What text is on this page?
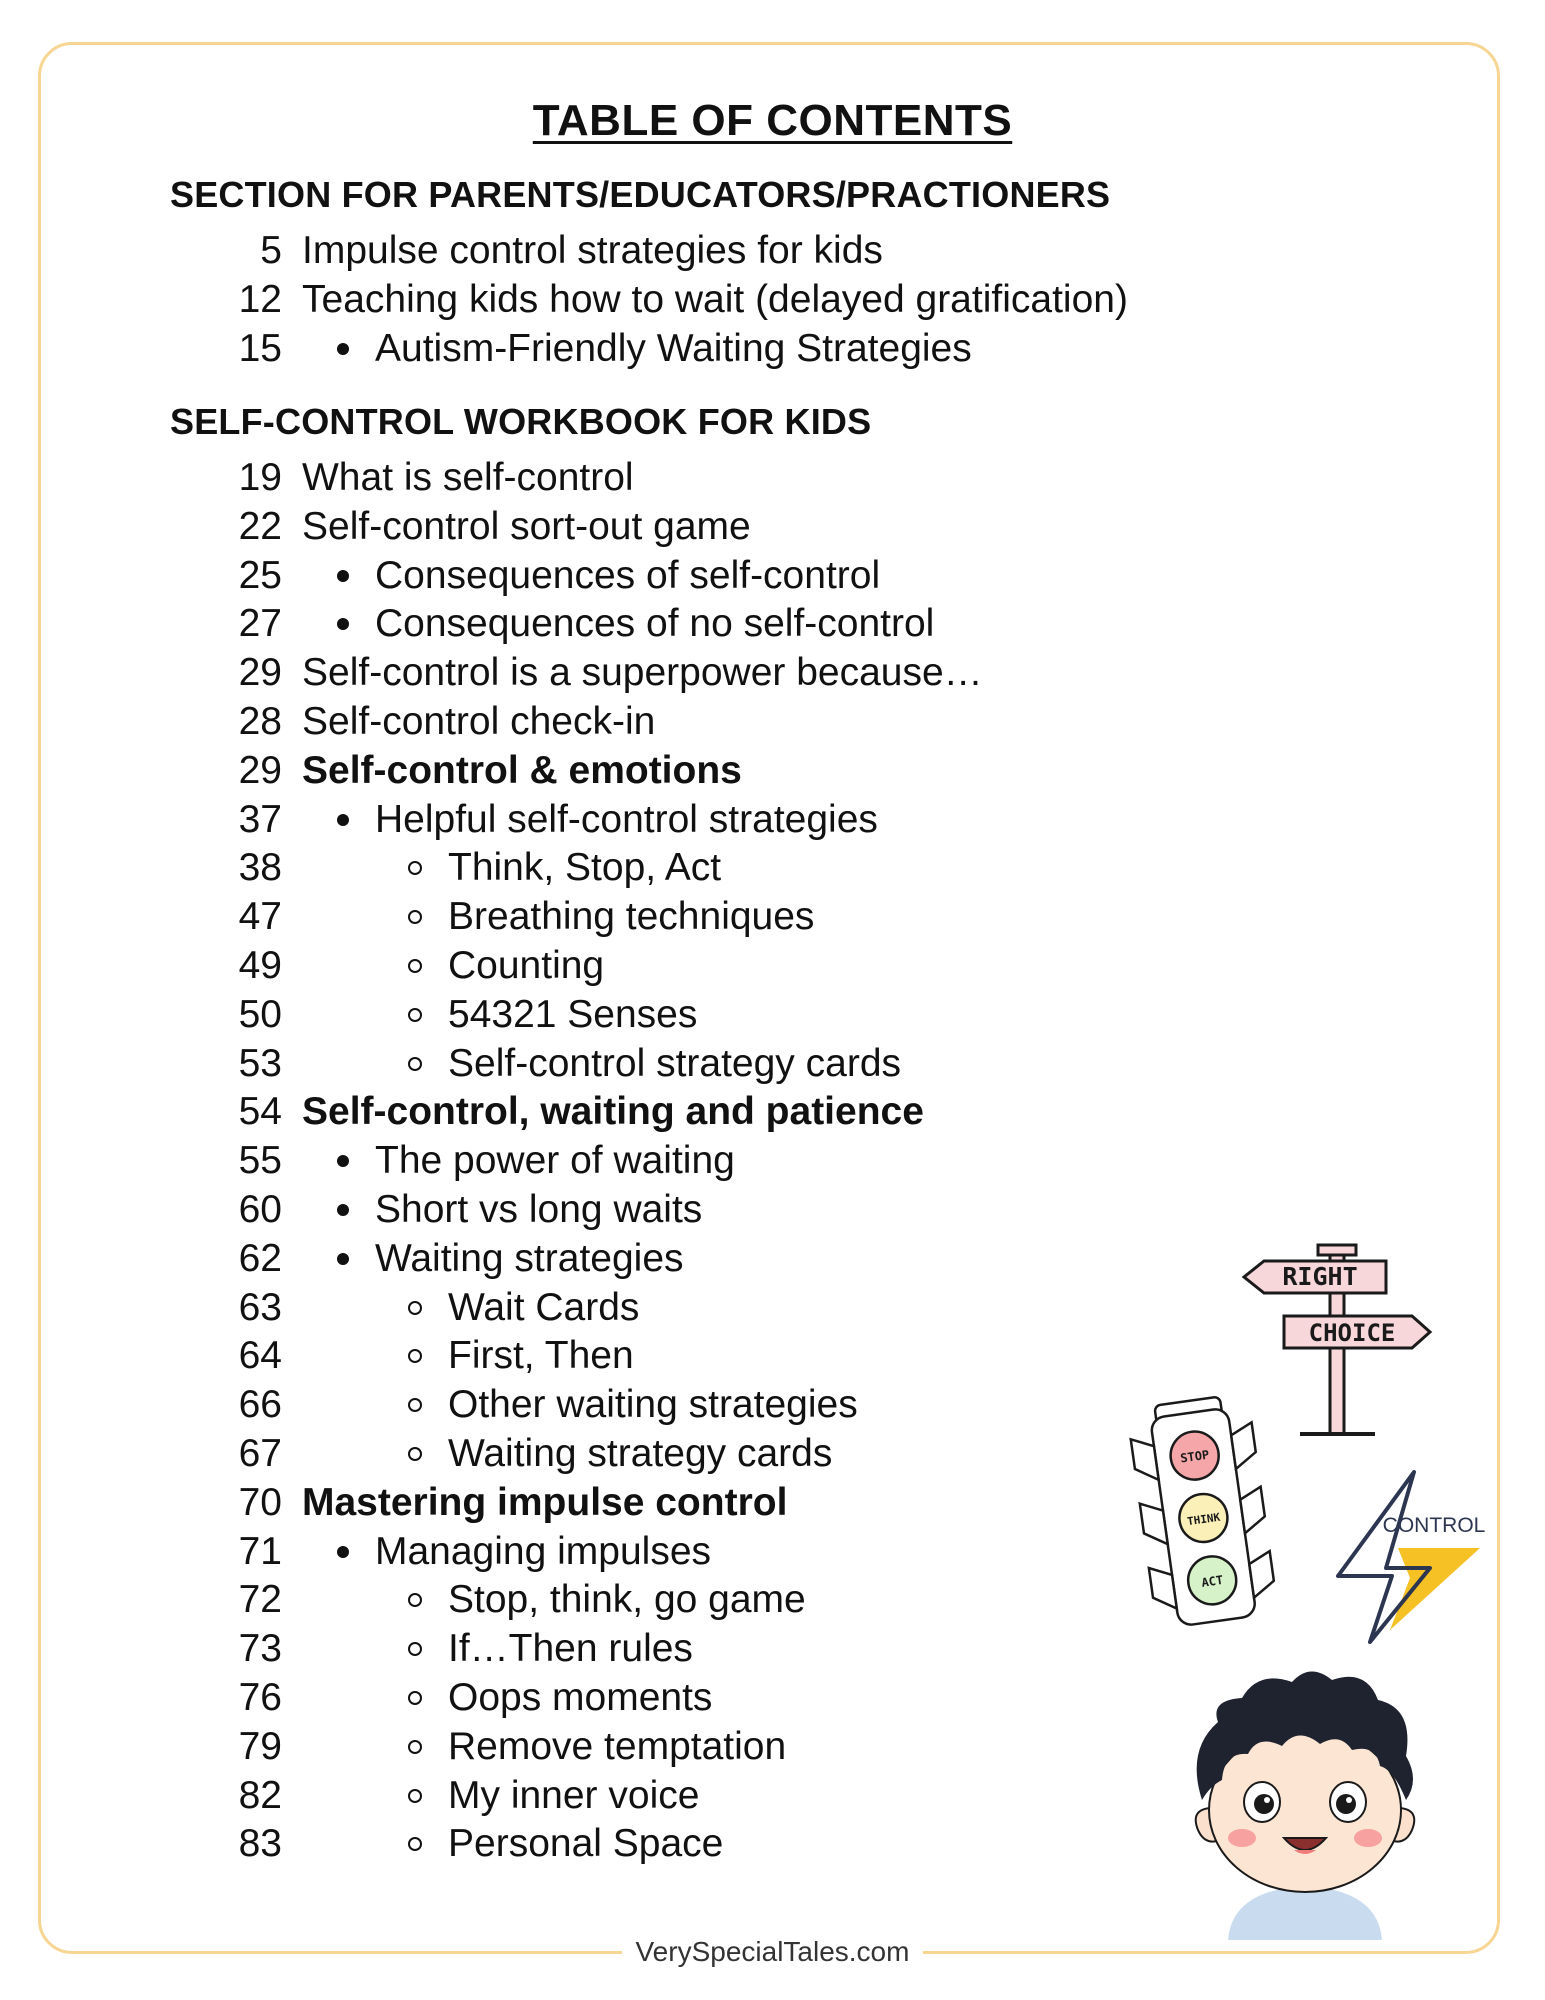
TABLE OF CONTENTS
SECTION FOR PARENTS/EDUCATORS/PRACTIONERS
5 Impulse control strategies for kids
12 Teaching kids how to wait (delayed gratification)
15 Autism-Friendly Waiting Strategies
SELF-CONTROL WORKBOOK FOR KIDS
19 What is self-control
22 Self-control sort-out game
25 Consequences of self-control
27 Consequences of no self-control
29 Self-control is a superpower because…
28 Self-control check-in
29 Self-control & emotions
37 Helpful self-control strategies
38	Think, Stop, Act
47	Breathing techniques
49	Counting
50	54321 Senses
53	Self-control strategy cards
54 Self-control, waiting and patience
55 The power of waiting
60 Short vs long waits
62 Waiting strategies
63	Wait Cards
64	First, Then
66	Other waiting strategies
67	Waiting strategy cards
70 Mastering impulse control
71 Managing impulses
72	Stop, think, go game
73	If…Then rules
76	Oops moments
79	Remove temptation
82	My inner voice
83	Personal Space
RIGHT
CHOICE
STOP
THINK
ACT
CONTROL
VerySpecialTales.com
